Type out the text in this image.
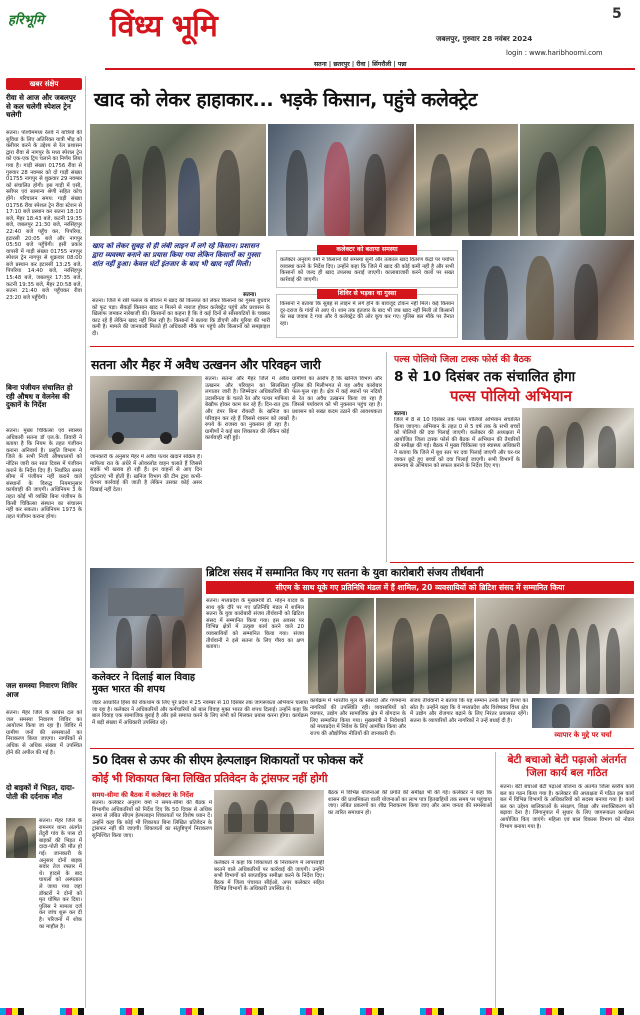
हरिभूमि विंध्य भूमि	5
जबलपुर, गुरुवार 28 नवंबर 2024
सतना | छतरपुर | रीवा | सिंगरौली | पन्ना
login : www.haribhoomi.com
खबर संक्षेप
रीवा से आज और जबलपुर से कल चलेगी स्पेशल ट्रेन चलेगी
सतना। पश्चिममध्य रेलवे ने यात्रियों की सुविधा के लिए अतिरिक्त यात्री भीड़ को क्लीयर करने के उद्देश्य से रेल प्रशासन द्वारा रीवा से नागपुर के मध्य स्पेशल ट्रेन को एक-एक ट्रिप चलाने का निर्णय लिया गया है। गाड़ी संख्या 01756 रीवा से गुरुवार 28 नवम्बर को दो गाड़ी संख्या 01755 नागपुर से शुक्रवार 29 नवम्बर को संचालित होगी। इस गाड़ी में एसी, स्लीपर एवं सामान्य श्रेणी सहित कोच होंगे। परिचालन समय: गाड़ी संख्या 01756 रीवा स्पेशल ट्रेन रीवा स्टेशन से 17:10 बजे प्रस्थान कर सतना 18:10 बजे, मैहर 18:43 बजे, कटनी 19:35 बजे, जबलपुर 21:30 बजे, नरसिंहपुर 22:40 बजे पहुँच कर, पिपरिया, इटारसी 20:05 बजे और नागपुर 05:50 बजे पहुँचेगी। इसी प्रकार वापसी में गाड़ी संख्या 01755 नागपुर स्पेशल ट्रेन नागपुर से शुक्रवार 08:00 बजे प्रस्थान कर इटारसी 13:25 बजे, पिपरिया 14:40 बजे, नरसिंहपुर 15:48 बजे, जबलपुर 17:35 बजे, कटनी 19:35 बजे, मैहर 20:58 बजे, सतना 21:40 बजे पहुँचकर रीवा 23:20 बजे पहुँचेगी।
बिना पंजीयन संचालित हो रही औषध व वेलनेस की दुकानें के निर्देश
सतना। मुख्य चिकित्सा एवं स्वास्थ्य अधिकारी सतना डॉ एल.के. तिवारी ने बताया है कि नियम के तहत पंजीयन कराना अनिवार्य है। प्रसूति विभाग ने जिले के सभी निजी औषधालयों को नोटिस जारी कर सात दिवस में पंजीयन कराने के निर्देश दिए हैं। निर्धारित समय सीमा में पंजीयन नहीं कराने वाले संस्थानों के विरुद्ध नियमानुसार कार्यवाही की जाएगी। अधिनियम 3 के तहत कोई भी व्यक्ति बिना पंजीयन के किसी चिकित्सा संस्थान का संचालन नहीं कर सकता। अधिनियम 1973 के तहत पंजीयन कराना होगा।
जल समस्या निवारण शिविर आज
सतना। मैहर जिले के कांग्रेस दल को जल समस्या निवारण शिविर का आयोजन किया जा रहा है। शिविर में ग्रामीण जनों की समस्याओं का निराकरण किया जाएगा। नागरिकों से अधिक से अधिक संख्या में उपस्थित होने की अपील की गई है।
दो बाइकों में भिड़त, दादा-पोती की दर्दनाक मौत
सतना। मैहर जिले के रामनगर थाना अंतर्गत तेंदुरी गांव के पास दो बाइकों की भिड़त में दादा-पोती की मौत हो गई। जानकारी के अनुसार दोनों बाइक सवार तेज रफ्तार में थे। हादसे के बाद घायलों को अस्पताल ले जाया गया जहां डॉक्टरों ने दोनों को मृत घोषित कर दिया। पुलिस ने मामला दर्ज कर जांच शुरू कर दी है। परिजनों में शोक का माहौल है।
खाद को लेकर हाहाकार... भड़के किसान, पहुंचे कलेक्ट्रेट
खाद को लेकर सुबह से ही लंबी लाइन में लगे रहे किसान। प्रशासन द्वारा व्यवस्था बनाने का प्रयास किया गया लेकिन किसानों का गुस्सा शांत नहीं हुआ। केवल घंटों इंतजार के बाद भी खाद नहीं मिली।
सतना।
सतना। जिले में रबी फसल के सीजन में खाद की किल्लत को लेकर किसानों का गुस्सा बुधवार को फूट पड़ा। सैकड़ों किसान खाद न मिलने से नाराज होकर कलेक्ट्रेट पहुंचे और प्रशासन के खिलाफ जमकर नारेबाजी की। किसानों का कहना है कि वे कई दिनों से सोसायटियों के चक्कर काट रहे हैं लेकिन खाद नहीं मिल रही है। किसानों ने बताया कि डीएपी और यूरिया की भारी कमी है। मामले की जानकारी मिलते ही अधिकारी मौके पर पहुंचे और किसानों को समझाइश दी।
कलेक्टर को बताया समस्या
कलेक्टर अनुराग वर्मा ने किसानों की समस्या सुनी और तत्काल खाद वितरण केंद्रों पर पर्याप्त व्यवस्था करने के निर्देश दिए। उन्होंने कहा कि जिले में खाद की कोई कमी नहीं है और सभी किसानों को जल्द ही खाद उपलब्ध कराई जाएगी। कालाबाजारी करने वालों पर सख्त कार्रवाई की जाएगी।
शिविर से भड़का था गुस्सा
किसानों ने बताया कि सुबह से लाइन में लगे होने के बावजूद टोकन नहीं मिले। कई किसान दूर-दराज के गांवों से आए थे। शाम तक इंतजार के बाद भी जब खाद नहीं मिली तो किसानों का सब्र जवाब दे गया और वे कलेक्ट्रेट की ओर कूच कर गए। पुलिस बल मौके पर तैनात रहा।
सतना और मैहर में अवैध उत्खनन और परिवहन जारी
सतना। सतना और मैहर जिले में अवैध उत्खनन और परिवहन का सिलसिला लगातार जारी है। जिम्मेदार अधिकारियों की उदासीनता के चलते रेत और पत्थर माफिया बेखौफ होकर काम कर रहे हैं। दिन-रात ट्रक और डंपर बिना रॉयल्टी के खनिज का परिवहन कर रहे हैं जिससे शासन को लाखों रुपये के राजस्व का नुकसान हो रहा है। ग्रामीणों ने कई बार शिकायत की लेकिन कोई कार्यवाही नहीं हुई।
जानकारी के अनुसार मैहर में अवैध पत्थर खदानें सक्रिय हैं। माफिया रात के अंधेरे में ओवरलोड वाहन चलाते हैं जिससे सड़कें भी खराब हो रही हैं। इन वाहनों से आए दिन दुर्घटनाएं भी होती हैं। खनिज विभाग की टीम द्वारा कभी-कभार कार्रवाई की जाती है लेकिन उसका कोई असर दिखाई नहीं देता।
ग्रामीणों का आरोप है कि खनिज विभाग और पुलिस की मिलीभगत से यह अवैध कारोबार फल-फूल रहा है। क्षेत्र में कई स्थानों पर नदियों से रेत का अवैध उत्खनन किया जा रहा है जिससे पर्यावरण को भी नुकसान पहुंच रहा है। प्रशासन को सख्त कदम उठाने की आवश्यकता है।
पल्स पोलियो जिला टास्क फोर्स की बैठक
8 से 10 दिसंबर तक संचालित होगा
पल्स पोलियो अभियान
सतना।
जिले में 8 से 10 दिसंबर तक पल्स पोलियो अभियान संचालित किया जाएगा। अभियान के तहत 0 से 5 वर्ष तक के सभी बच्चों को पोलियो की दवा पिलाई जाएगी। कलेक्टर की अध्यक्षता में आयोजित जिला टास्क फोर्स की बैठक में अभियान की तैयारियों की समीक्षा की गई। बैठक में मुख्य चिकित्सा एवं स्वास्थ्य अधिकारी ने बताया कि जिले में बूथ स्तर पर दवा पिलाई जाएगी और घर-घर जाकर छूटे हुए बच्चों को दवा पिलाई जाएगी। सभी विभागों के समन्वय से अभियान को सफल बनाने के निर्देश दिए गए।
ब्रिटिश संसद में सम्मानित किए गए सतना के युवा कारोबारी संजय तीर्थवानी
सीएम के साथ यूके गए प्रतिनिधि मंडल में हैं शामिल, 20 व्यवसायियों को ब्रिटिश संसद में सम्मानित किया
कलेक्टर ने दिलाई बाल विवाह मुक्त भारत की शपथ
जेंडर आधारित हिंसा की रोकथाम के लिए पूरे प्रदेश में 25 नवम्बर से 10 दिसंबर तक जागरूकता अभियान चलाया जा रहा है। कलेक्टर ने अधिकारियों और कर्मचारियों को बाल विवाह मुक्त भारत की शपथ दिलाई। उन्होंने कहा कि बाल विवाह एक सामाजिक बुराई है और इसे समाप्त करने के लिए सभी को मिलकर प्रयास करना होगा। कार्यक्रम में बड़ी संख्या में अधिकारी उपस्थित रहे।
सतना। मध्यप्रदेश के मुख्यमंत्री डॉ. मोहन यादव के साथ यूके दौरे पर गए प्रतिनिधि मंडल में शामिल सतना के युवा कारोबारी संजय तीर्थवानी को ब्रिटिश संसद में सम्मानित किया गया। इस अवसर पर विभिन्न क्षेत्रों में उत्कृष्ट कार्य करने वाले 20 व्यवसायियों को सम्मानित किया गया। संजय तीर्थवानी ने इसे सतना के लिए गौरव का क्षण बताया।
कार्यक्रम में भारतीय मूल के सांसदों और गणमान्य नागरिकों की उपस्थिति रही। व्यवसायियों को व्यापार, उद्योग और सामाजिक क्षेत्र में योगदान के लिए सम्मानित किया गया। मुख्यमंत्री ने निवेशकों को मध्यप्रदेश में निवेश के लिए आमंत्रित किया और राज्य की औद्योगिक नीतियों की जानकारी दी।
संजय तीर्थवानी ने बताया कि यह सम्मान उनके लिए प्रेरणा का स्रोत है। उन्होंने कहा कि वे मध्यप्रदेश और विशेषकर विंध्य क्षेत्र में उद्योग और रोजगार बढ़ाने के लिए निरंतर प्रयासरत रहेंगे। सतना के व्यापारियों और नागरिकों ने उन्हें बधाई दी है।
व्यापार के मुद्दे पर चर्चा
50 दिवस से ऊपर की सीएम हेल्पलाइन शिकायतों पर फोकस करें
कोई भी शिकायत बिना लिखित प्रतिवेदन के ट्रांसफर नहीं होगी
समय-सीमा की बैठक में कलेक्टर के निर्देश
सतना। कलेक्टर अनुराग वर्मा ने समय-सीमा की बैठक में विभागीय अधिकारियों को निर्देश दिए कि 50 दिवस से अधिक समय से लंबित सीएम हेल्पलाइन शिकायतों पर विशेष ध्यान दें। उन्होंने कहा कि कोई भी शिकायत बिना लिखित प्रतिवेदन के ट्रांसफर नहीं की जाएगी। शिकायतों का संतुष्टिपूर्ण निराकरण सुनिश्चित किया जाए।
कलेक्टर ने कहा कि शिकायतों के निराकरण में लापरवाही बरतने वाले अधिकारियों पर कार्रवाई की जाएगी। उन्होंने सभी विभागों को साप्ताहिक समीक्षा करने के निर्देश दिए। बैठक में जिला पंचायत सीईओ, अपर कलेक्टर सहित विभिन्न विभागों के अधिकारी उपस्थित थे।
बैठक में विभिन्न योजनाओं की प्रगति की समीक्षा भी की गई। कलेक्टर ने कहा कि शासन की प्राथमिकता वाली योजनाओं का लाभ पात्र हितग्राहियों तक समय पर पहुंचाया जाए। लंबित प्रकरणों का शीघ्र निराकरण किया जाए और आम जनता की समस्याओं का त्वरित समाधान हो।
बेटी बचाओ बेटी पढ़ाओ अंतर्गत जिला कार्य बल गठित
सतना। बेटी बचाओ बेटी पढ़ाओ योजना के अंतर्गत जिला स्तरीय कार्य बल का गठन किया गया है। कलेक्टर की अध्यक्षता में गठित इस कार्य बल में विभिन्न विभागों के अधिकारियों को सदस्य बनाया गया है। कार्य बल का उद्देश्य बालिकाओं के संरक्षण, शिक्षा और सशक्तिकरण को बढ़ावा देना है। लिंगानुपात में सुधार के लिए जागरूकता कार्यक्रम आयोजित किए जाएंगे। महिला एवं बाल विकास विभाग को नोडल विभाग बनाया गया है।
